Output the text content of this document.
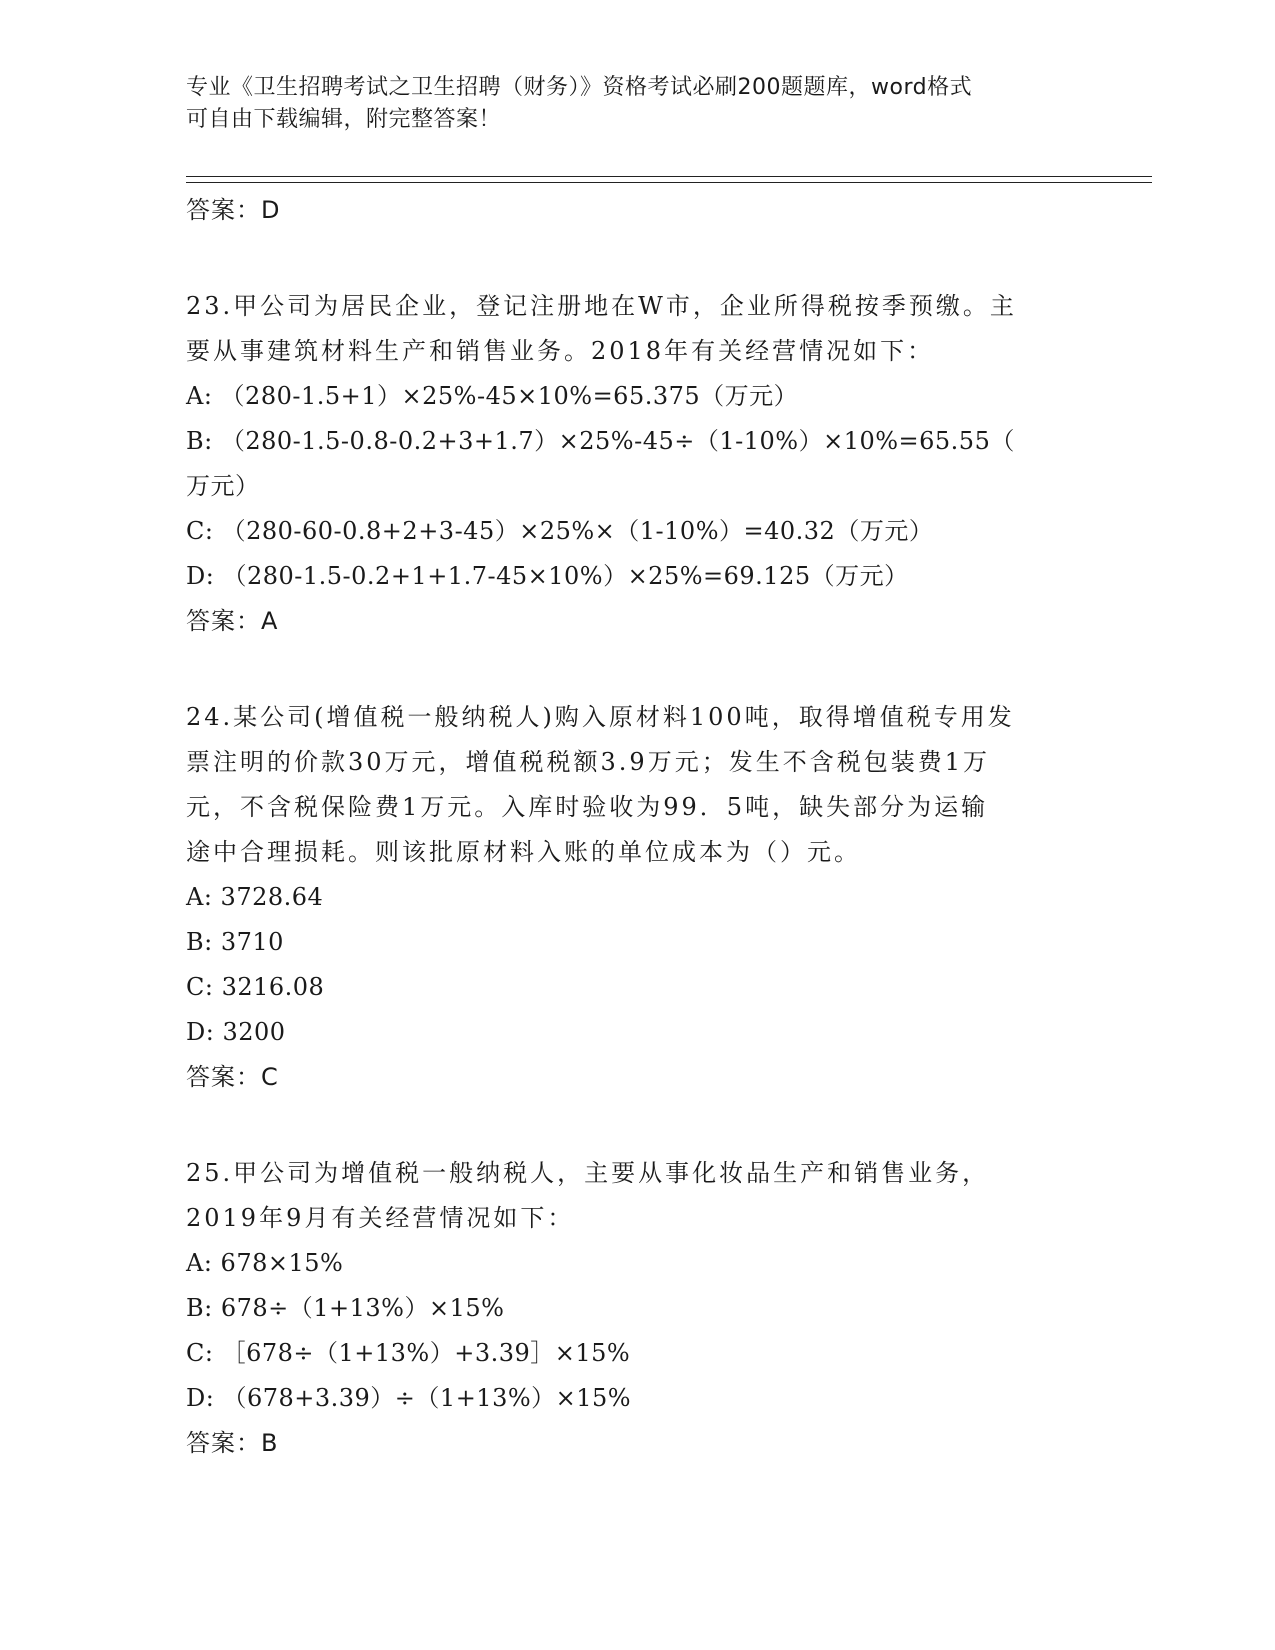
专业《卫生招聘考试之卫生招聘（财务）》资格考试必刷200题题库，word格式
可自由下载编辑，附完整答案！
答案：D
23.甲公司为居民企业，登记注册地在W市，企业所得税按季预缴。主
要从事建筑材料生产和销售业务。2018年有关经营情况如下：
A: （280-1.5+1）×25%-45×10%=65.375（万元）
B: （280-1.5-0.8-0.2+3+1.7）×25%-45÷（1-10%）×10%=65.55（
万元）
C: （280-60-0.8+2+3-45）×25%×（1-10%）=40.32（万元）
D: （280-1.5-0.2+1+1.7-45×10%）×25%=69.125（万元）
答案：A
24.某公司(增值税一般纳税人)购入原材料100吨，取得增值税专用发
票注明的价款30万元，增值税税额3.9万元；发生不含税包装费1万
元，不含税保险费1万元。入库时验收为99．5吨，缺失部分为运输
途中合理损耗。则该批原材料入账的单位成本为（）元。
A: 3728.64
B: 3710
C: 3216.08
D: 3200
答案：C
25.甲公司为增值税一般纳税人，主要从事化妆品生产和销售业务，
2019年9月有关经营情况如下：
A: 678×15%
B: 678÷（1+13%）×15%
C: ［678÷（1+13%）+3.39］×15%
D: （678+3.39）÷（1+13%）×15%
答案：B
